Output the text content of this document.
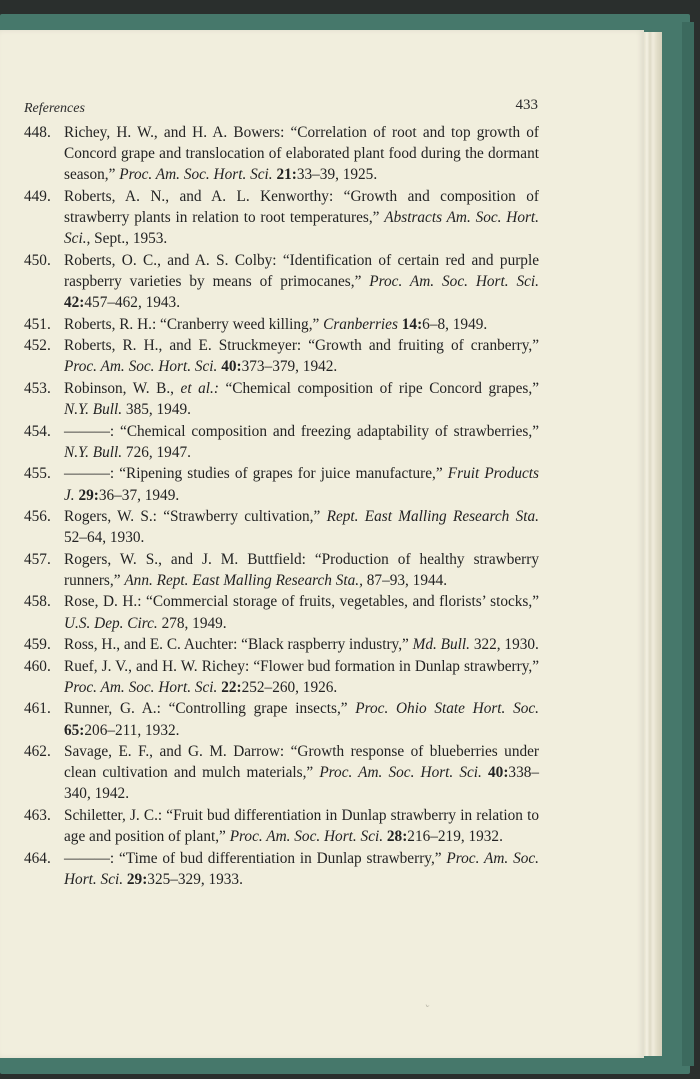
References	433
448. Richey, H. W., and H. A. Bowers: “Correlation of root and top growth of Concord grape and translocation of elaborated plant food during the dormant season,” Proc. Am. Soc. Hort. Sci. 21:33–39, 1925.
449. Roberts, A. N., and A. L. Kenworthy: “Growth and composition of strawberry plants in relation to root temperatures,” Abstracts Am. Soc. Hort. Sci., Sept., 1953.
450. Roberts, O. C., and A. S. Colby: “Identification of certain red and purple raspberry varieties by means of primocanes,” Proc. Am. Soc. Hort. Sci. 42:457–462, 1943.
451. Roberts, R. H.: “Cranberry weed killing,” Cranberries 14:6–8, 1949.
452. Roberts, R. H., and E. Struckmeyer: “Growth and fruiting of cranberry,” Proc. Am. Soc. Hort. Sci. 40:373–379, 1942.
453. Robinson, W. B., et al.: “Chemical composition of ripe Concord grapes,” N.Y. Bull. 385, 1949.
454. ———: “Chemical composition and freezing adaptability of strawberries,” N.Y. Bull. 726, 1947.
455. ———: “Ripening studies of grapes for juice manufacture,” Fruit Products J. 29:36–37, 1949.
456. Rogers, W. S.: “Strawberry cultivation,” Rept. East Malling Research Sta. 52–64, 1930.
457. Rogers, W. S., and J. M. Buttfield: “Production of healthy strawberry runners,” Ann. Rept. East Malling Research Sta., 87–93, 1944.
458. Rose, D. H.: “Commercial storage of fruits, vegetables, and florists’ stocks,” U.S. Dep. Circ. 278, 1949.
459. Ross, H., and E. C. Auchter: “Black raspberry industry,” Md. Bull. 322, 1930.
460. Ruef, J. V., and H. W. Richey: “Flower bud formation in Dunlap strawberry,” Proc. Am. Soc. Hort. Sci. 22:252–260, 1926.
461. Runner, G. A.: “Controlling grape insects,” Proc. Ohio State Hort. Soc. 65:206–211, 1932.
462. Savage, E. F., and G. M. Darrow: “Growth response of blueberries under clean cultivation and mulch materials,” Proc. Am. Soc. Hort. Sci. 40:338–340, 1942.
463. Schiletter, J. C.: “Fruit bud differentiation in Dunlap strawberry in relation to age and position of plant,” Proc. Am. Soc. Hort. Sci. 28:216–219, 1932.
464. ———: “Time of bud differentiation in Dunlap strawberry,” Proc. Am. Soc. Hort. Sci. 29:325–329, 1933.
ˇ
